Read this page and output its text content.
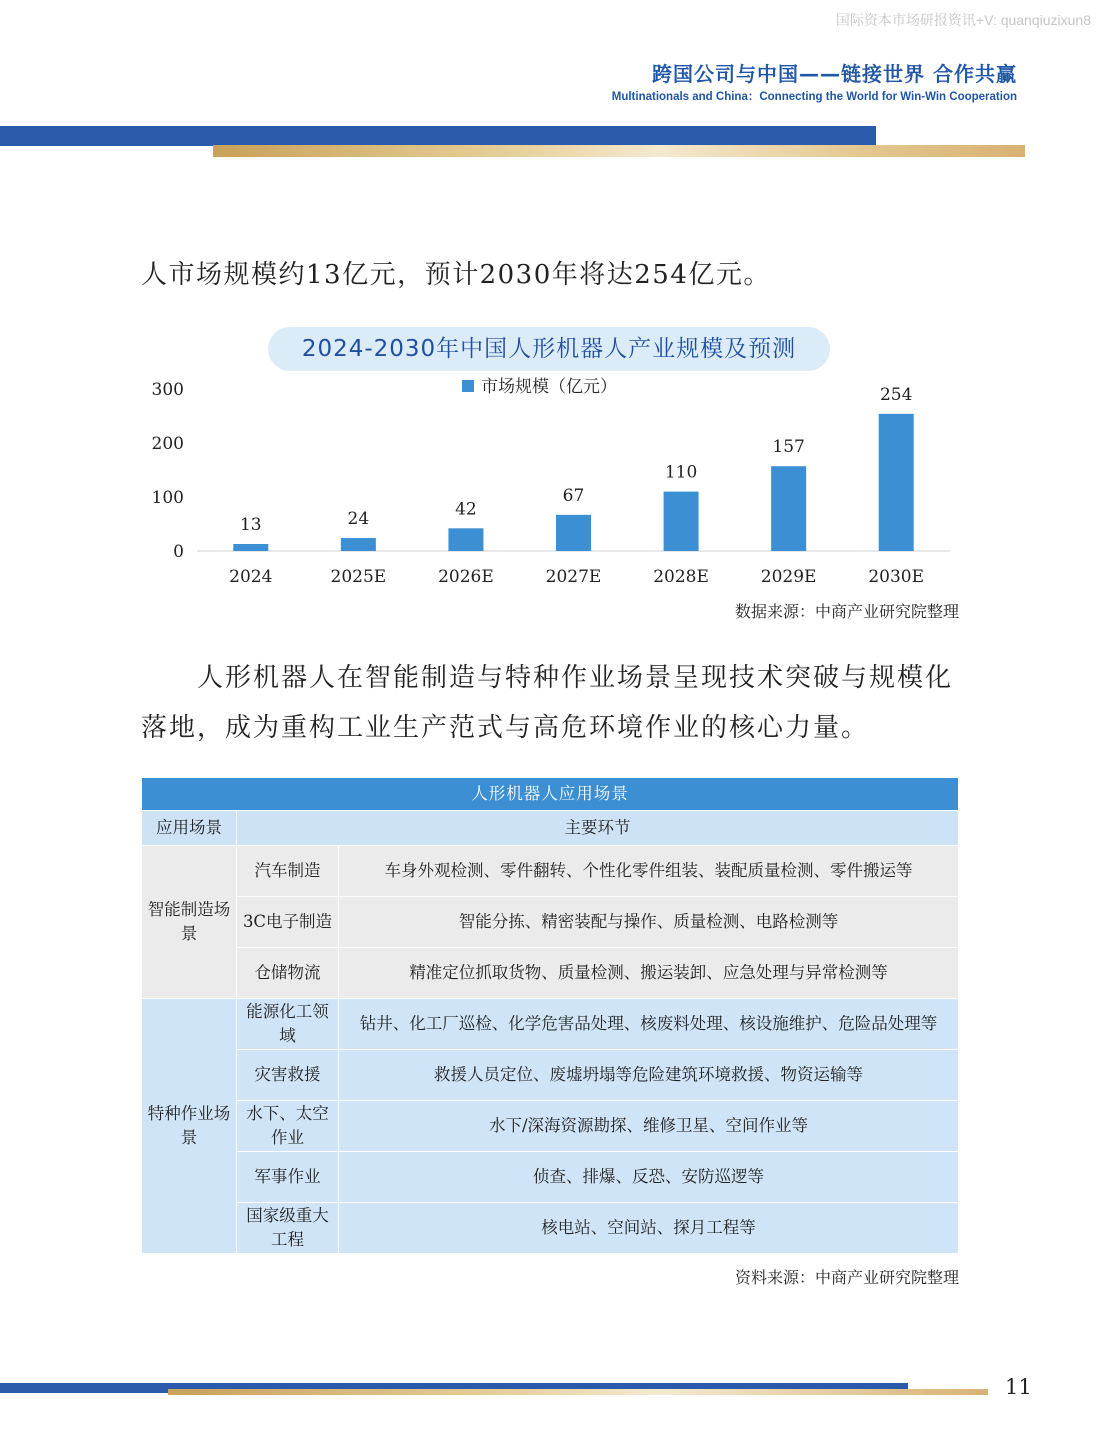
国际资本市场研报资讯+V: quanqiuzixun8
跨国公司与中国——链接世界 合作共赢
Multinationals and China：Connecting the World for Win-Win Cooperation
人市场规模约13亿元，预计2030年将达254亿元。
2024-2030年中国人形机器人产业规模及预测
0
100
200
300
13
2024
24
2025E
42
2026E
67
2027E
110
2028E
157
2029E
254
2030E
市场规模（亿元）
数据来源：中商产业研究院整理
人形机器人在智能制造与特种作业场景呈现技术突破与规模化落地，成为重构工业生产范式与高危环境作业的核心力量。
人形机器人应用场景		
应用场景	主要环节	
智能制造场景	汽车制造	车身外观检测、零件翻转、个性化零件组装、装配质量检测、零件搬运等
	3C电子制造	智能分拣、精密装配与操作、质量检测、电路检测等
	仓储物流	精准定位抓取货物、质量检测、搬运装卸、应急处理与异常检测等
特种作业场景	能源化工领域	钻井、化工厂巡检、化学危害品处理、核废料处理、核设施维护、危险品处理等
	灾害救援	救援人员定位、废墟坍塌等危险建筑环境救援、物资运输等
	水下、太空作业	水下/深海资源勘探、维修卫星、空间作业等
	军事作业	侦查、排爆、反恐、安防巡逻等
	国家级重大工程	核电站、空间站、探月工程等
资料来源：中商产业研究院整理
11
